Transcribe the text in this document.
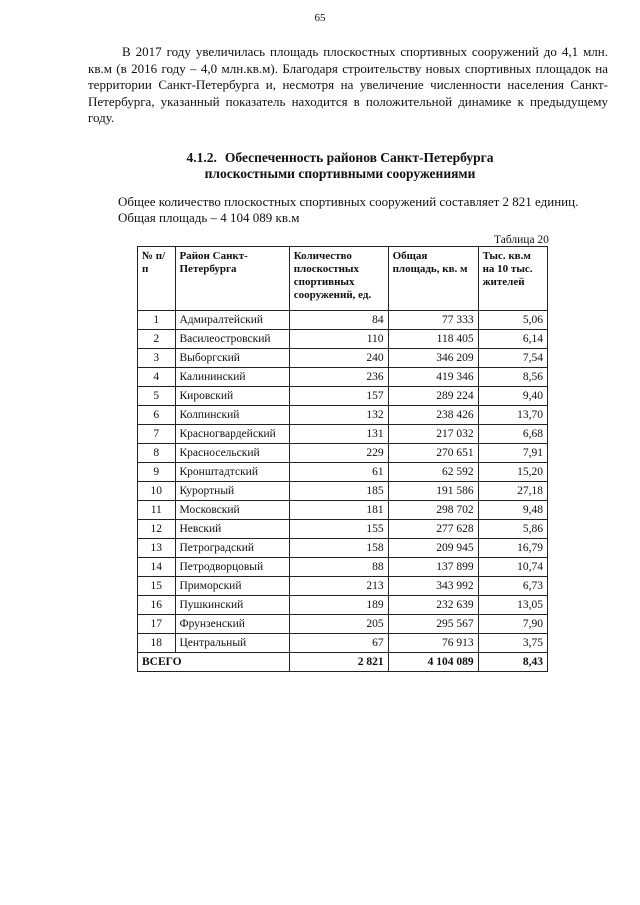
65

В 2017 году увеличилась площадь плоскостных спортивных сооружений до 4,1 млн. кв.м (в 2016 году – 4,0 млн.кв.м). Благодаря строительству новых спортивных площадок на территории Санкт-Петербурга и, несмотря на увеличение численности населения Санкт-Петербурга, указанный показатель находится в положительной динамике к предыдущему году.

4.1.2. Обеспеченность районов Санкт-Петербурга
плоскостными спортивными сооружениями
Общее количество плоскостных спортивных сооружений составляет 2 821 единиц.
Общая площадь – 4 104 089 кв.м
Таблица 20
№ п/п	Район Санкт-Петербурга	Количество плоскостных спортивных сооружений, ед.	Общая площадь, кв. м	Тыс. кв.м на 10 тыс. жителей
1	Адмиралтейский	84	77 333	5,06
2	Василеостровский	110	118 405	6,14
3	Выборгский	240	346 209	7,54
4	Калининский	236	419 346	8,56
5	Кировский	157	289 224	9,40
6	Колпинский	132	238 426	13,70
7	Красногвардейский	131	217 032	6,68
8	Красносельский	229	270 651	7,91
9	Кронштадтский	61	62 592	15,20
10	Курортный	185	191 586	27,18
11	Московский	181	298 702	9,48
12	Невский	155	277 628	5,86
13	Петроградский	158	209 945	16,79
14	Петродворцовый	88	137 899	10,74
15	Приморский	213	343 992	6,73
16	Пушкинский	189	232 639	13,05
17	Фрунзенский	205	295 567	7,90
18	Центральный	67	76 913	3,75
ВСЕГО		2 821	4 104 089	8,43
